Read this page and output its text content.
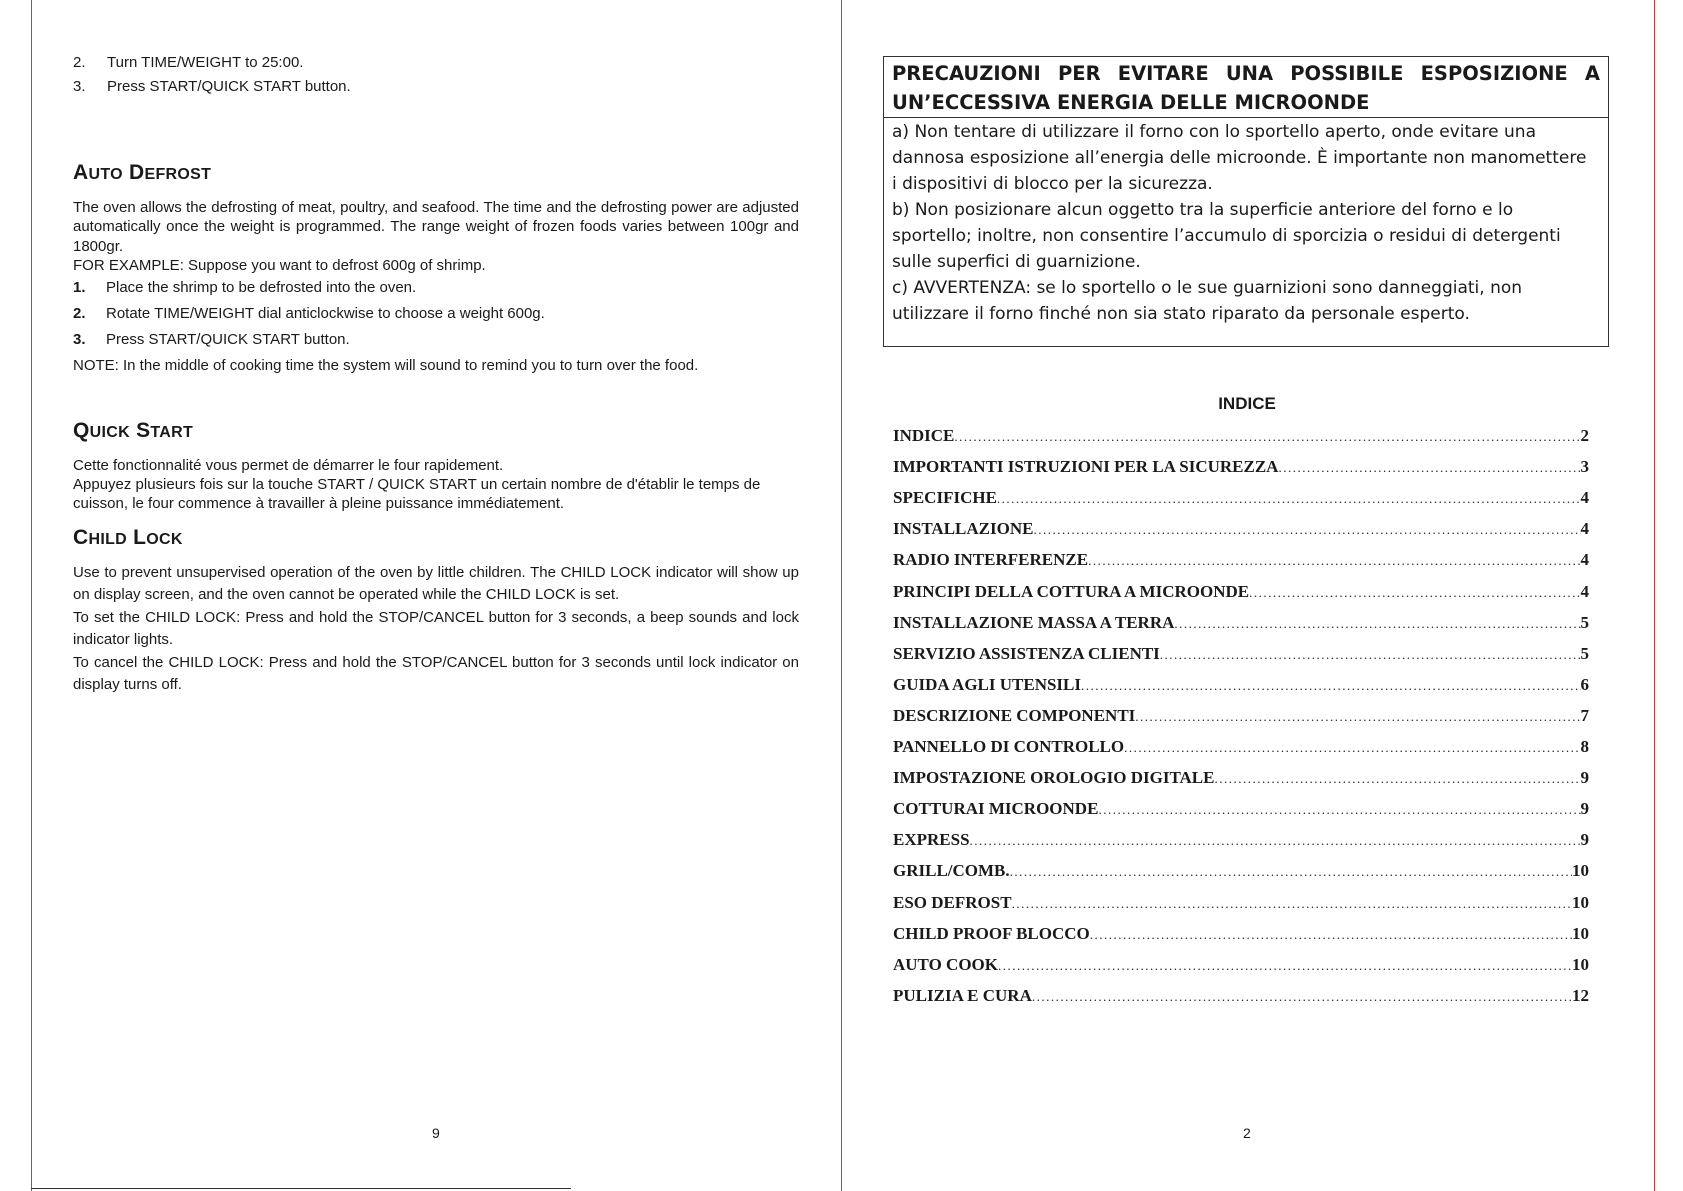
2. Turn TIME/WEIGHT to 25:00.
3. Press START/QUICK START button.
AUTO DEFROST
The oven allows the defrosting of meat, poultry, and seafood. The time and the defrosting power are adjusted automatically once the weight is programmed. The range weight of frozen foods varies between 100gr and 1800gr.
FOR EXAMPLE: Suppose you want to defrost 600g of shrimp.
1. Place the shrimp to be defrosted into the oven.
2. Rotate TIME/WEIGHT dial anticlockwise to choose a weight 600g.
3. Press START/QUICK START button.
NOTE: In the middle of cooking time the system will sound to remind you to turn over the food.
QUICK START
Cette fonctionnalité vous permet de démarrer le four rapidement.
Appuyez plusieurs fois sur la touche START / QUICK START un certain nombre de d'établir le temps de cuisson, le four commence à travailler à pleine puissance immédiatement.
CHILD LOCK
Use to prevent unsupervised operation of the oven by little children. The CHILD LOCK indicator will show up on display screen, and the oven cannot be operated while the CHILD LOCK is set.
To set the CHILD LOCK: Press and hold the STOP/CANCEL button for 3 seconds, a beep sounds and lock indicator lights.
To cancel the CHILD LOCK: Press and hold the STOP/CANCEL button for 3 seconds until lock indicator on display turns off.
9
PRECAUZIONI PER EVITARE UNA POSSIBILE ESPOSIZIONE A
UN’ECCESSIVA ENERGIA DELLE MICROONDE
a) Non tentare di utilizzare il forno con lo sportello aperto, onde evitare una dannosa esposizione all’energia delle microonde. È importante non manomettere i dispositivi di blocco per la sicurezza.
b) Non posizionare alcun oggetto tra la superficie anteriore del forno e lo sportello; inoltre, non consentire l’accumulo di sporcizia o residui di detergenti sulle superfici di guarnizione.
c) AVVERTENZA: se lo sportello o le sue guarnizioni sono danneggiati, non utilizzare il forno finché non sia stato riparato da personale esperto.
INDICE
INDICE .....	2
IMPORTANTI ISTRUZIONI PER LA SICUREZZA .....	3
SPECIFICHE .....	4
INSTALLAZIONE .....	4
RADIO INTERFERENZE .....	4
PRINCIPI DELLA COTTURA A MICROONDE .....	4
INSTALLAZIONE MASSA A TERRA .....	5
SERVIZIO ASSISTENZA CLIENTI .....	5
GUIDA AGLI UTENSILI .....	6
DESCRIZIONE COMPONENTI .....	7
PANNELLO DI CONTROLLO .....	8
IMPOSTAZIONE OROLOGIO DIGITALE .....	9
COTTURAI MICROONDE .....	9
EXPRESS .....	9
GRILL/COMB. .....	10
ESO DEFROST .....	10
CHILD PROOF BLOCCO .....	10
AUTO COOK .....	10
PULIZIA E CURA .....	12
2
